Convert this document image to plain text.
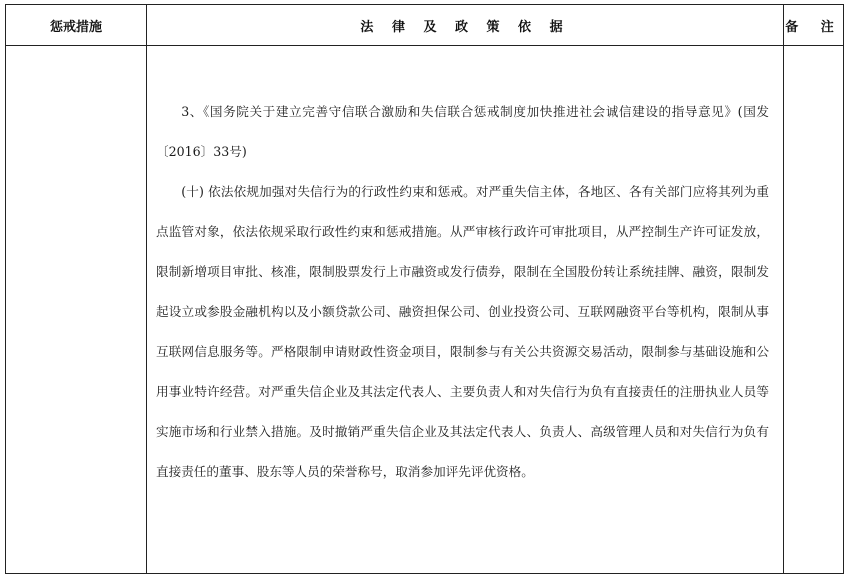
惩戒措施	法 律 及 政 策 依 据	备 注

3、《国务院关于建立完善守信联合激励和失信联合惩戒制度加快推进社会诚信建设的指导意见》(国发〔2016〕33号)

(十) 依法依规加强对失信行为的行政性约束和惩戒。对严重失信主体，各地区、各有关部门应将其列为重点监管对象，依法依规采取行政性约束和惩戒措施。从严审核行政许可审批项目，从严控制生产许可证发放，限制新增项目审批、核准，限制股票发行上市融资或发行债券，限制在全国股份转让系统挂牌、融资，限制发起设立或参股金融机构以及小额贷款公司、融资担保公司、创业投资公司、互联网融资平台等机构，限制从事互联网信息服务等。严格限制申请财政性资金项目，限制参与有关公共资源交易活动，限制参与基础设施和公用事业特许经营。对严重失信企业及其法定代表人、主要负责人和对失信行为负有直接责任的注册执业人员等实施市场和行业禁入措施。及时撤销严重失信企业及其法定代表人、负责人、高级管理人员和对失信行为负有直接责任的董事、股东等人员的荣誉称号，取消参加评先评优资格。
